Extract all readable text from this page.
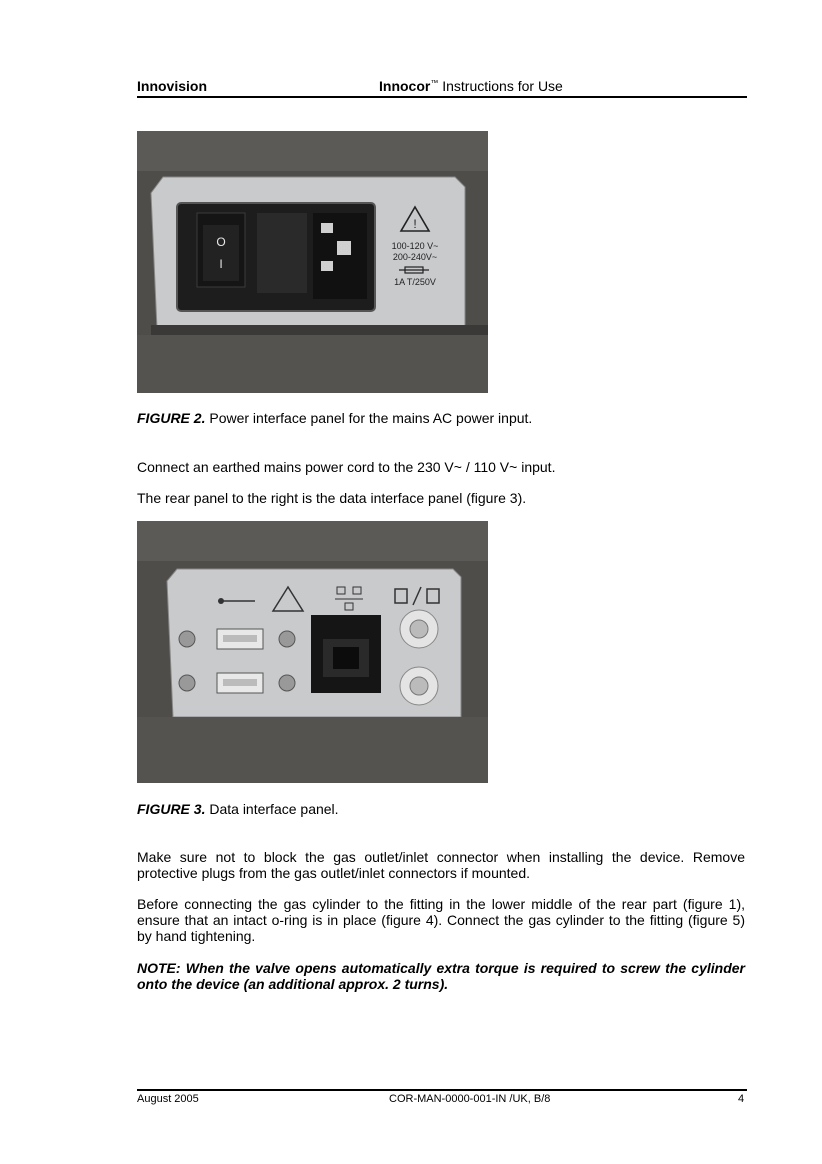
Innovision	Innocor™ Instructions for Use
O
I
!
100-120 V~
200-240V~
1A T/250V
FIGURE 2. Power interface panel for the mains AC power input.
Connect an earthed mains power cord to the 230 V~ / 110 V~ input.
The rear panel to the right is the data interface panel (figure 3).
FIGURE 3. Data interface panel.
Make sure not to block the gas outlet/inlet connector when installing the device. Remove protective plugs from the gas outlet/inlet connectors if mounted.
Before connecting the gas cylinder to the fitting in the lower middle of the rear part (figure 1), ensure that an intact o-ring is in place (figure 4). Connect the gas cylinder to the fitting (figure 5) by hand tightening.
NOTE: When the valve opens automatically extra torque is required to screw the cylinder onto the device (an additional approx. 2 turns).
August 2005	COR-MAN-0000-001-IN /UK, B/8	4
